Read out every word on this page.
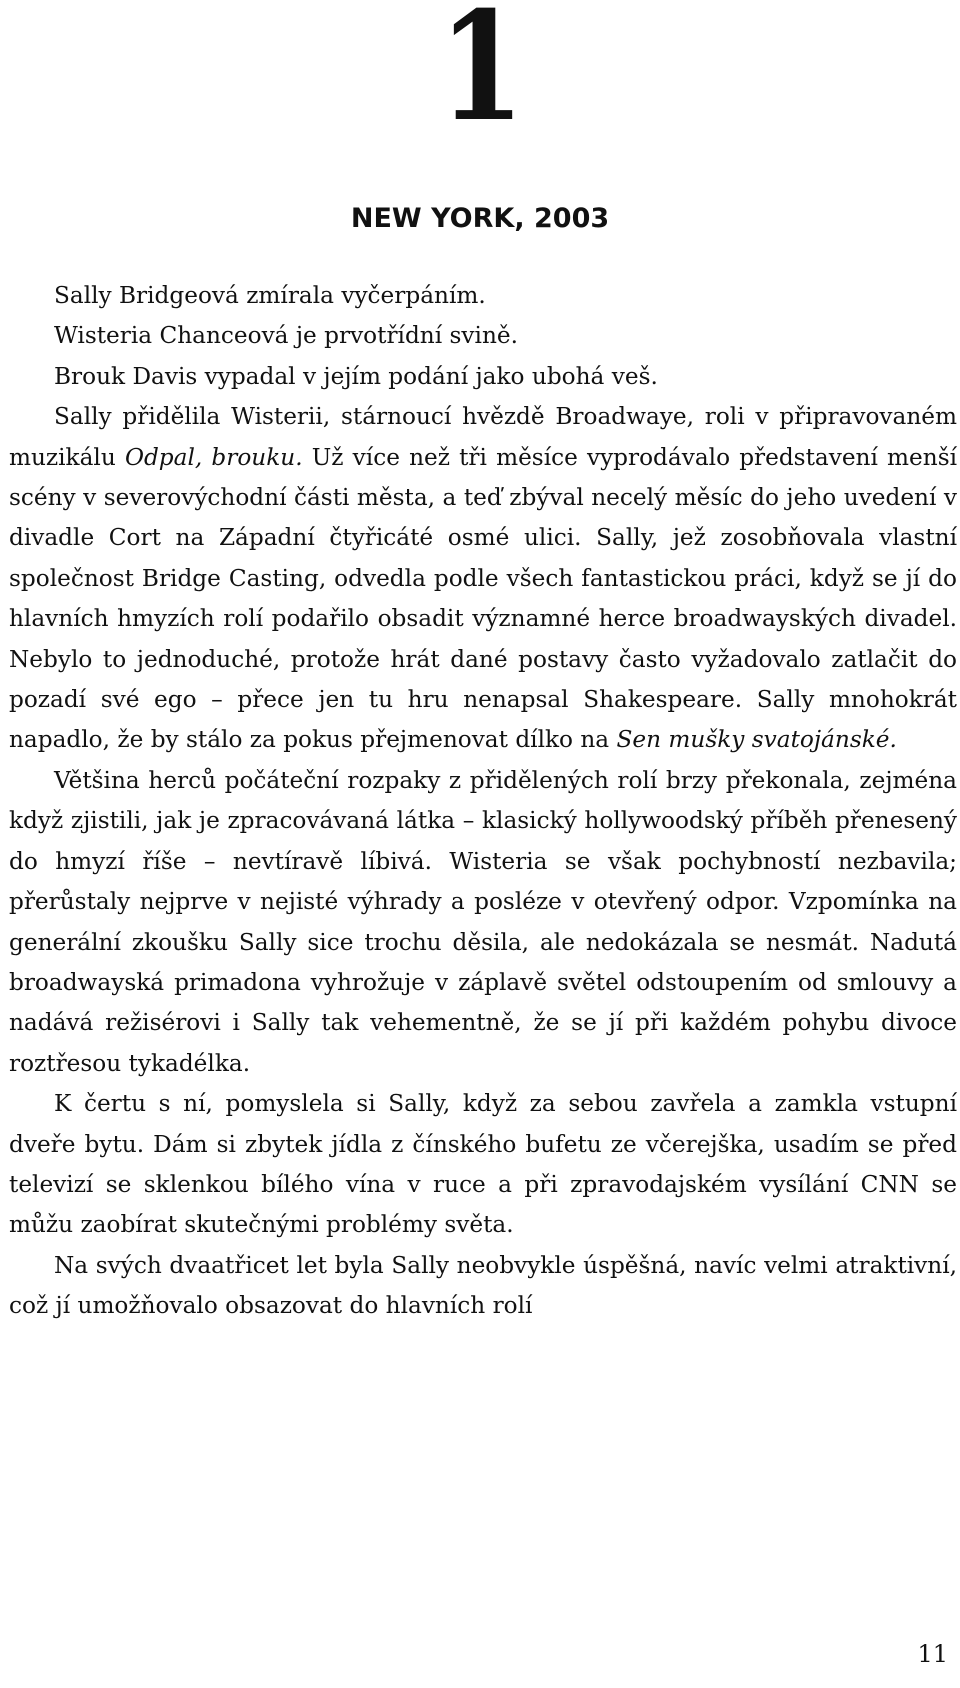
1
NEW YORK, 2003

Sally Bridgeová zmírala vyčerpáním.

Wisteria Chanceová je prvotřídní svině.

Brouk Davis vypadal v jejím podání jako ubohá veš.

Sally přidělila Wisterii, stárnoucí hvězdě Broadwaye, roli v připravovaném muzikálu Odpal, brouku. Už více než tři měsíce vyprodávalo představení menší scény v severovýchodní části města, a teď zbýval necelý měsíc do jeho uvedení v divadle Cort na Západní čtyřicáté osmé ulici. Sally, jež zosobňovala vlastní společnost Bridge Casting, odvedla podle všech fantastickou práci, když se jí do hlavních hmyzích rolí podařilo obsadit významné herce broadwayských divadel. Nebylo to jednoduché, protože hrát dané postavy často vyžadovalo zatlačit do pozadí své ego – přece jen tu hru nenapsal Shakespeare. Sally mnohokrát napadlo, že by stálo za pokus přejmenovat dílko na Sen mušky svatojánské.

Většina herců počáteční rozpaky z přidělených rolí brzy překonala, zejména když zjistili, jak je zpracovávaná látka – klasický hollywoodský příběh přenesený do hmyzí říše – nevtíravě líbivá. Wisteria se však pochybností nezbavila; přerůstaly nejprve v nejisté výhrady a posléze v otevřený odpor. Vzpomínka na generální zkoušku Sally sice trochu děsila, ale nedokázala se nesmát. Nadutá broadwayská primadona vyhrožuje v záplavě světel odstoupením od smlouvy a nadává režisérovi i Sally tak vehementně, že se jí při každém pohybu divoce roztřesou tykadélka.

K čertu s ní, pomyslela si Sally, když za sebou zavřela a zamkla vstupní dveře bytu. Dám si zbytek jídla z čínského bufetu ze včerejška, usadím se před televizí se sklenkou bílého vína v ruce a při zpravodajském vysílání CNN se můžu zaobírat skutečnými problémy světa.

Na svých dvaatřicet let byla Sally neobvykle úspěšná, navíc velmi atraktivní, což jí umožňovalo obsazovat do hlavních rolí

11
